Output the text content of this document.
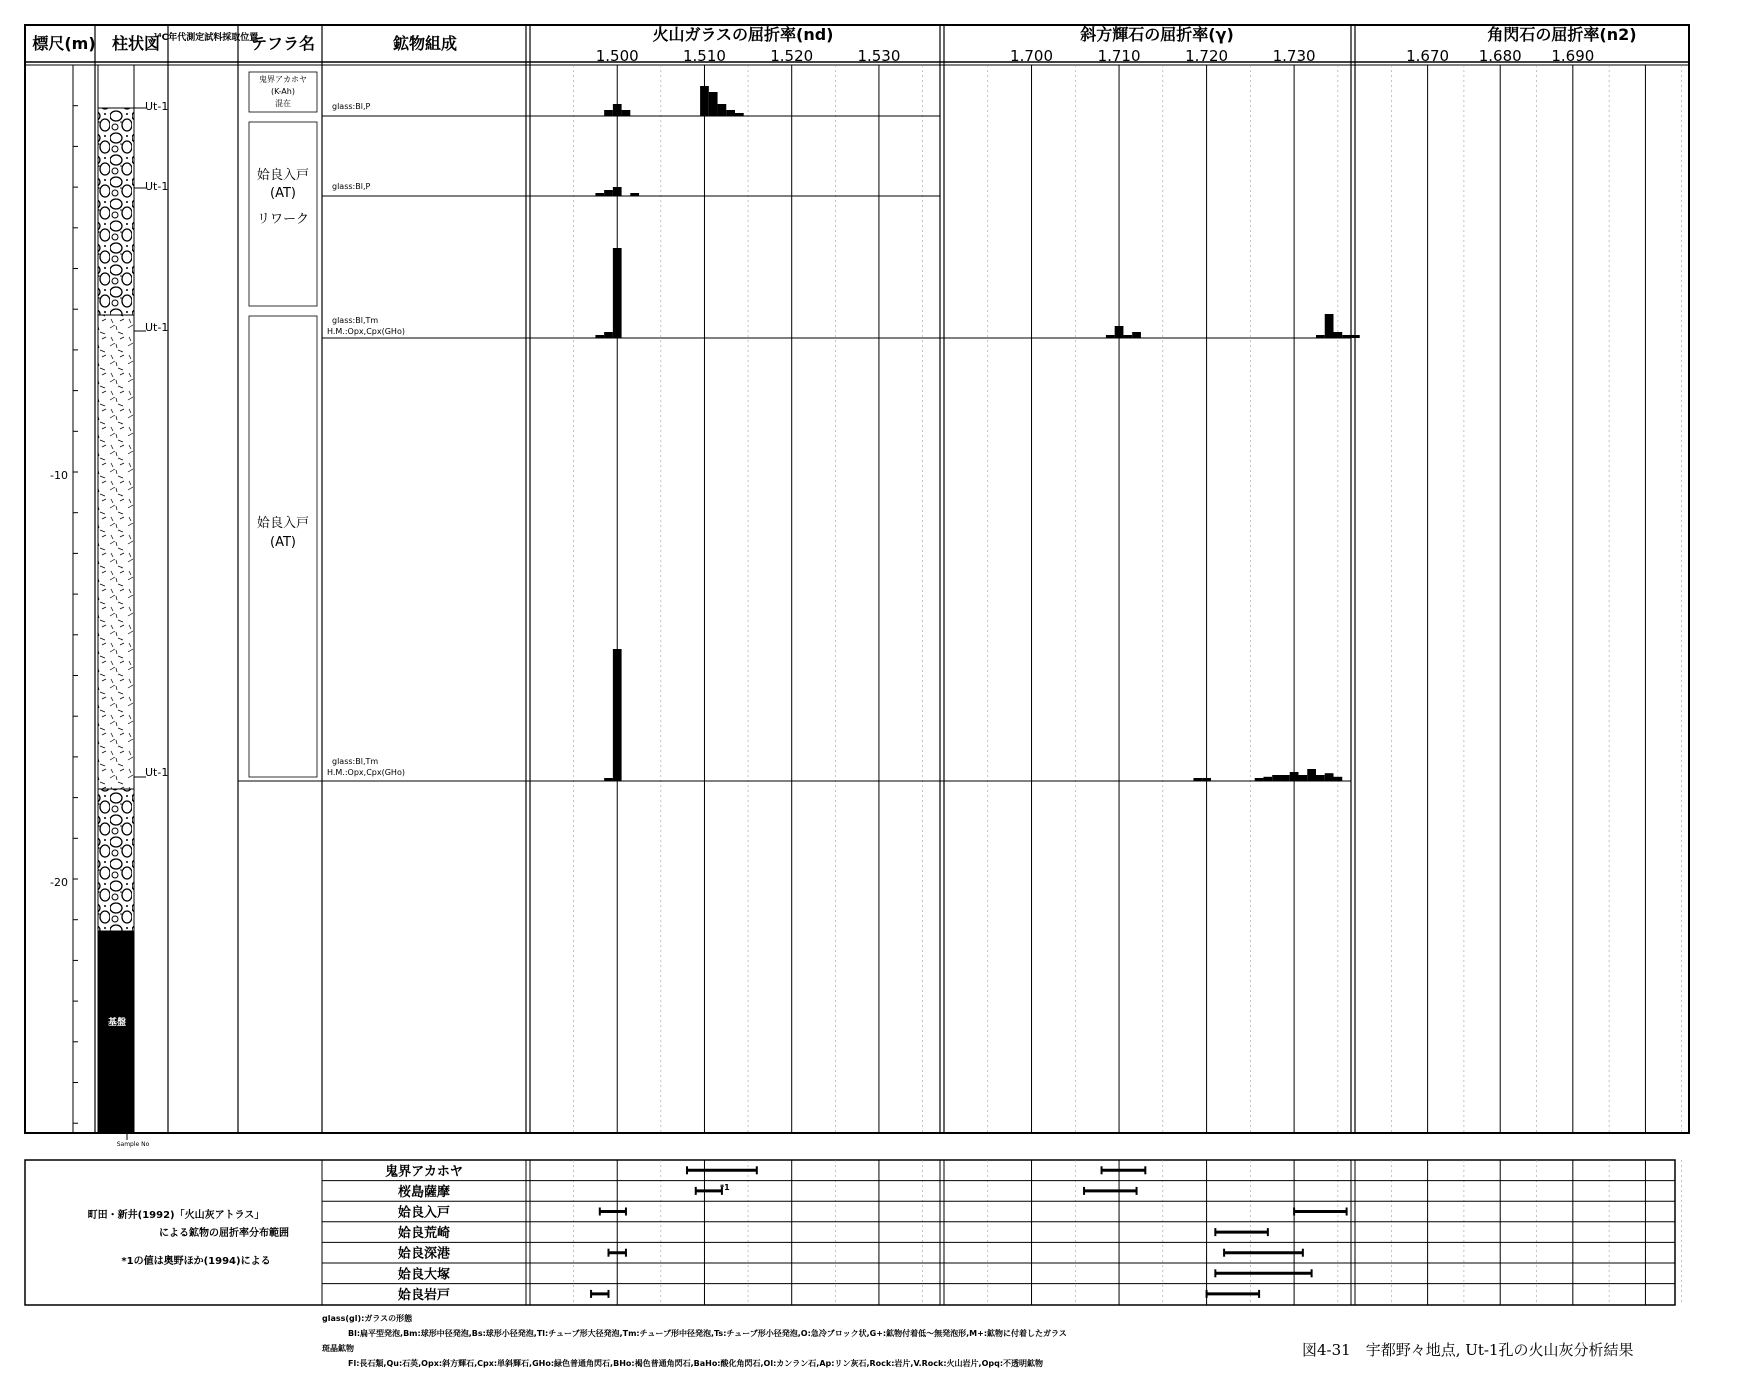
標尺(m) 柱状図
¹⁴C年代測定試料採取位置
テフラ名	鉱物組成	火山ガラスの屈折率(nd)	斜方輝石の屈折率(γ)	角閃石の屈折率(n2)
1.500	1.510	1.520	1.530	1.700	1.710	1.720	1.730	1.670 1.680 1.690
-10
-20
基盤
Ut-1
Ut-1
Ut-1
Ut-1
Sample No
鬼界アカホヤ
(K-Ah)
混在
姶良入戸
(AT)
リワーク
姶良入戸
(AT)
glass:Bl,P
glass:Bl,P
glass:Bl,Tm
H.M.:Opx,Cpx(GHo)
glass:Bl,Tm
H.M.:Opx,Cpx(GHo)
鬼界アカホヤ
桜島薩摩
姶良入戸
姶良荒崎
姶良深港
姶良大塚
姶良岩戸
町田・新井(1992)「火山灰アトラス」
による鉱物の屈折率分布範囲
*1の値は奥野ほか(1994)による
*1
glass(gl):ガラスの形態
Bl:扁平型発泡,Bm:球形中径発泡,Bs:球形小径発泡,Tl:チューブ形大径発泡,Tm:チューブ形中径発泡,Ts:チューブ形小径発泡,O:急冷ブロック状,G+:鉱物付着低〜無発泡形,M+:鉱物に付着したガラス
斑晶鉱物
Fl:長石類,Qu:石英,Opx:斜方輝石,Cpx:単斜輝石,GHo:緑色普通角閃石,BHo:褐色普通角閃石,BaHo:酸化角閃石,Ol:カンラン石,Ap:リン灰石,Rock:岩片,V.Rock:火山岩片,Opq:不透明鉱物
図4-31　宇都野々地点, Ut-1孔の火山灰分析結果
